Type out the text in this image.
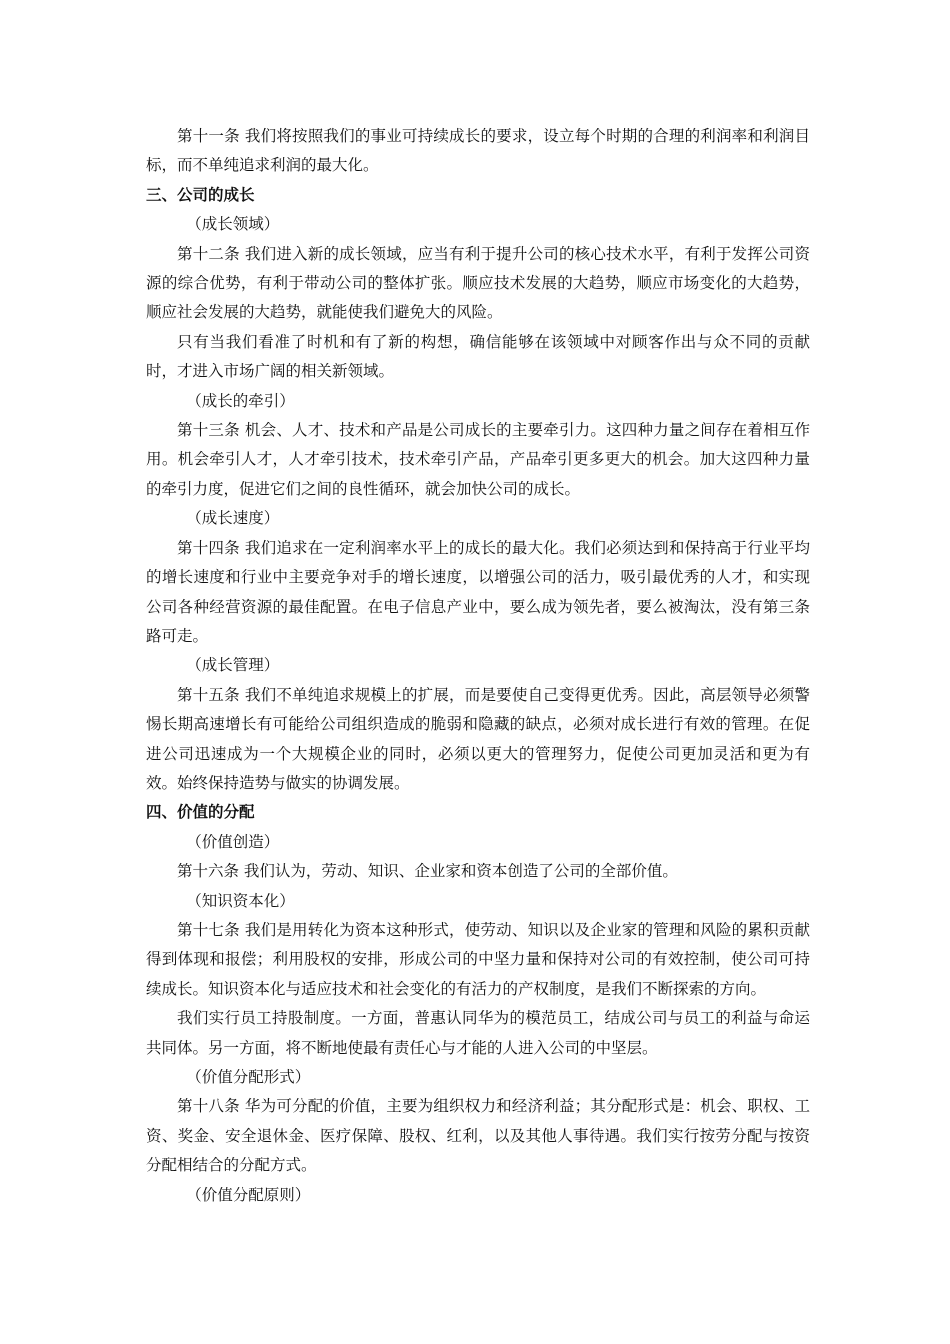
第十一条 我们将按照我们的事业可持续成长的要求，设立每个时期的合理的利润率和利润目标，而不单纯追求利润的最大化。

三、公司的成长

（成长领域）

第十二条 我们进入新的成长领域，应当有利于提升公司的核心技术水平，有利于发挥公司资源的综合优势，有利于带动公司的整体扩张。顺应技术发展的大趋势，顺应市场变化的大趋势，顺应社会发展的大趋势，就能使我们避免大的风险。

只有当我们看准了时机和有了新的构想，确信能够在该领域中对顾客作出与众不同的贡献时，才进入市场广阔的相关新领域。

（成长的牵引）

第十三条 机会、人才、技术和产品是公司成长的主要牵引力。这四种力量之间存在着相互作用。机会牵引人才，人才牵引技术，技术牵引产品，产品牵引更多更大的机会。加大这四种力量的牵引力度，促进它们之间的良性循环，就会加快公司的成长。

（成长速度）

第十四条 我们追求在一定利润率水平上的成长的最大化。我们必须达到和保持高于行业平均的增长速度和行业中主要竞争对手的增长速度，以增强公司的活力，吸引最优秀的人才，和实现公司各种经营资源的最佳配置。在电子信息产业中，要么成为领先者，要么被淘汰，没有第三条路可走。

（成长管理）

第十五条 我们不单纯追求规模上的扩展，而是要使自己变得更优秀。因此，高层领导必须警惕长期高速增长有可能给公司组织造成的脆弱和隐藏的缺点，必须对成长进行有效的管理。在促进公司迅速成为一个大规模企业的同时，必须以更大的管理努力，促使公司更加灵活和更为有效。始终保持造势与做实的协调发展。

四、价值的分配

（价值创造）

第十六条 我们认为，劳动、知识、企业家和资本创造了公司的全部价值。

（知识资本化）

第十七条 我们是用转化为资本这种形式，使劳动、知识以及企业家的管理和风险的累积贡献得到体现和报偿；利用股权的安排，形成公司的中坚力量和保持对公司的有效控制，使公司可持续成长。知识资本化与适应技术和社会变化的有活力的产权制度，是我们不断探索的方向。

我们实行员工持股制度。一方面，普惠认同华为的模范员工，结成公司与员工的利益与命运共同体。另一方面，将不断地使最有责任心与才能的人进入公司的中坚层。

（价值分配形式）

第十八条 华为可分配的价值，主要为组织权力和经济利益；其分配形式是：机会、职权、工资、奖金、安全退休金、医疗保障、股权、红利，以及其他人事待遇。我们实行按劳分配与按资分配相结合的分配方式。

（价值分配原则）
